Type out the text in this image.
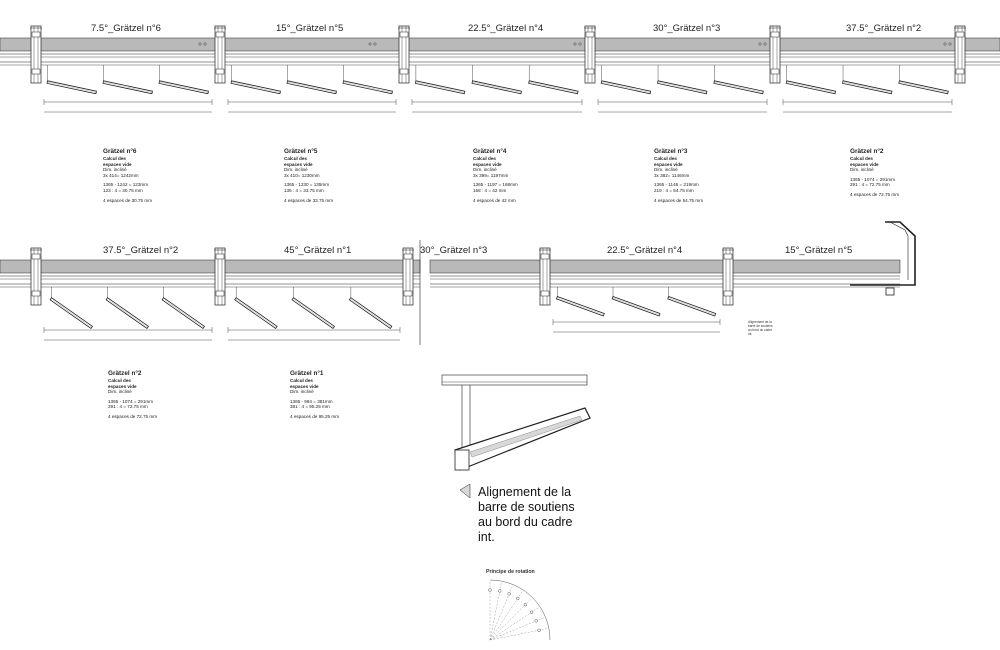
7.5°_Grätzel n°6	15°_Grätzel n°5	22.5°_Grätzel n°4	30°_Grätzel n°3	37.5°_Grätzel n°2
37.5°_Grätzel n°2	45°_Grätzel n°1	30°_Grätzel n°3	22.5°_Grätzel n°4	15°_Grätzel n°5
Grätzel n°6
Calcul des
espaces vide
Dim. incliné
3x 414= 1242mm
1365 - 1242 = 123mm
123 : 4 = 30.75 mm
4 espaces de 30.75 mm
Grätzel n°5
Calcul des
espaces vide
Dim. incliné
3x 410= 1230mm
1365 - 1230 = 135mm
135 : 4 = 33.75 mm
4 espaces de 33.75 mm
Grätzel n°4
Calcul des
espaces vide
Dim. incliné
3x 399= 1197mm
1365 - 1197 = 168mm
168 : 4 = 42 mm
4 espaces de 42 mm
Grätzel n°3
Calcul des
espaces vide
Dim. incliné
3x 382= 1146mm
1365 - 1146 = 219mm
219 : 4 = 54.75 mm
4 espaces de 54.75 mm
Grätzel n°2
Calcul des
espaces vide
Dim. incliné
1365 - 1074 = 291mm
291 : 4 = 72.75 mm
4 espaces de 72.75 mm
Grätzel n°2
Calcul des
espaces vide
Dim. incliné
1365 - 1074 = 291mm
291 : 4 = 72.75 mm
4 espaces de 72.75 mm
Grätzel n°1
Calcul des
espaces vide
Dim. incliné
1365 - 984 = 381mm
381 : 4 = 95.25 mm
4 espaces de 95.25 mm
Alignement de la
barre de soutiens
au bord du cadre
int.
Alignement de la
barre de soutiens
au bord du cadre
int.
Principe de rotation
